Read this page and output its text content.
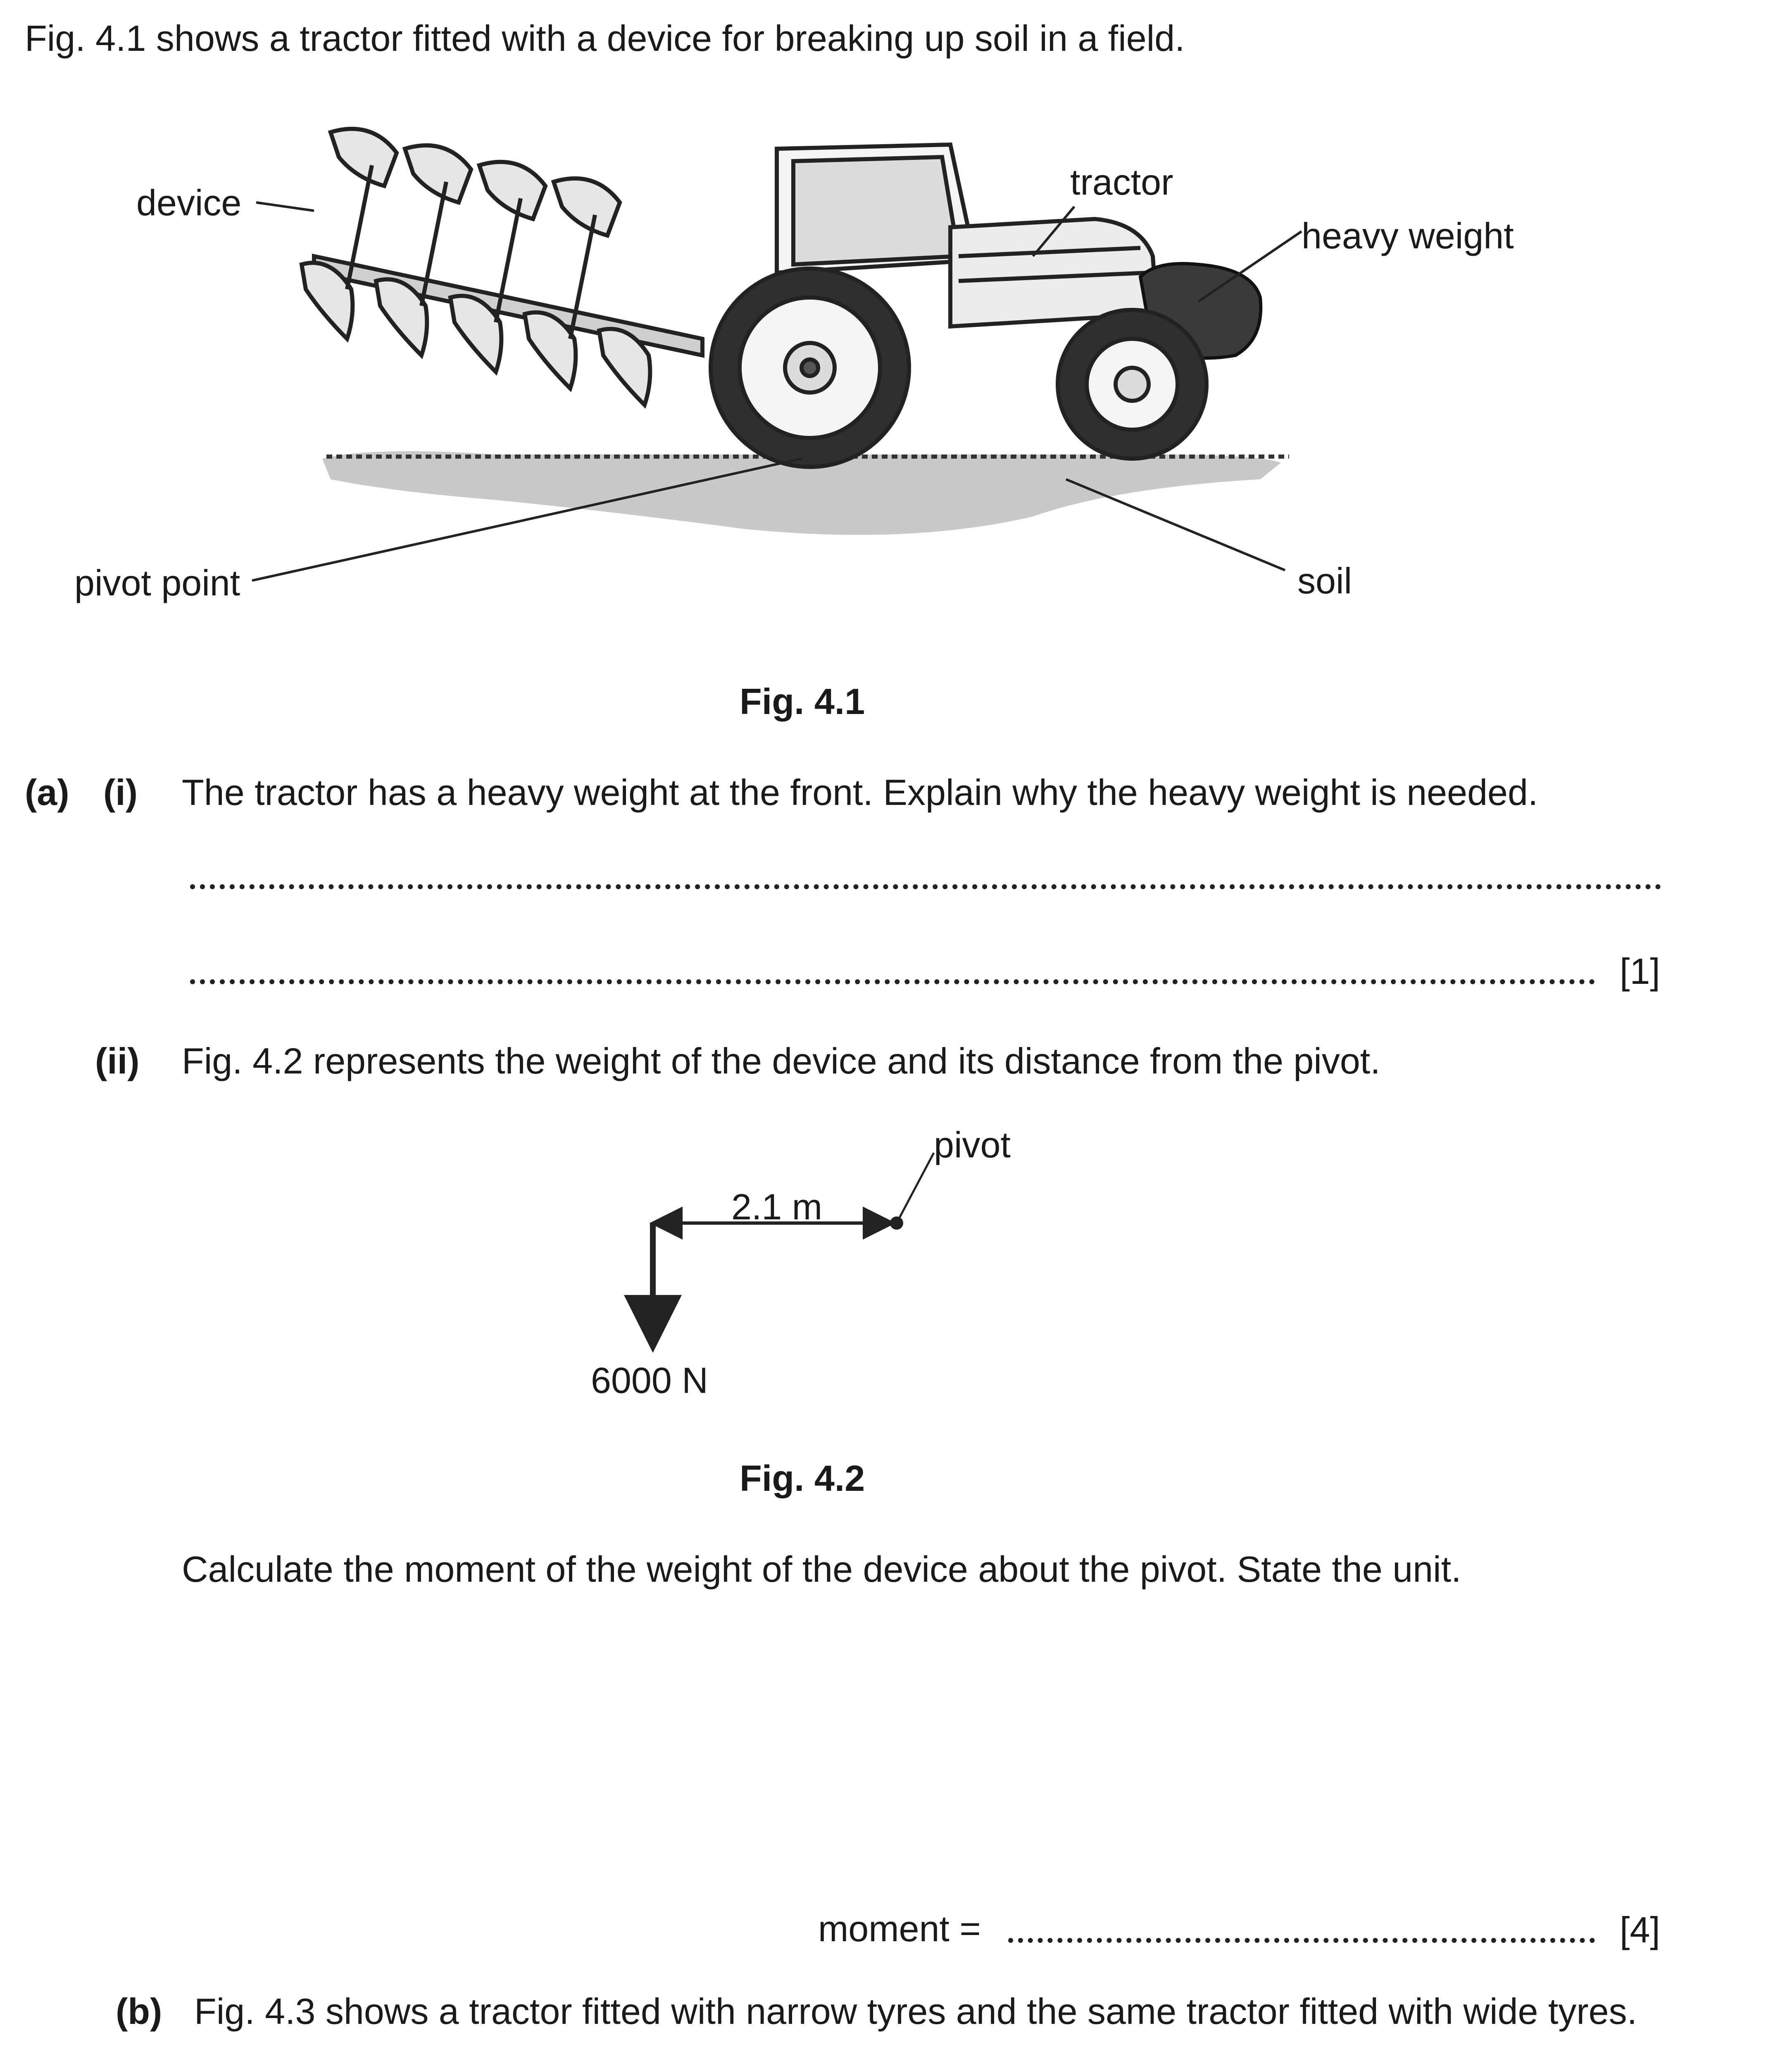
Fig. 4.1 shows a tractor fitted with a device for breaking up soil in a field.
device
tractor
heavy weight
pivot point	soil
Fig. 4.1
(a) (i) The tractor has a heavy weight at the front. Explain why the heavy weight is needed.
[1]
(ii) Fig. 4.2 represents the weight of the device and its distance from the pivot.
pivot
2.1 m
6000 N
Fig. 4.2
Calculate the moment of the weight of the device about the pivot. State the unit.
moment =	[4]
(b) Fig. 4.3 shows a tractor fitted with narrow tyres and the same tractor fitted with wide tyres.
